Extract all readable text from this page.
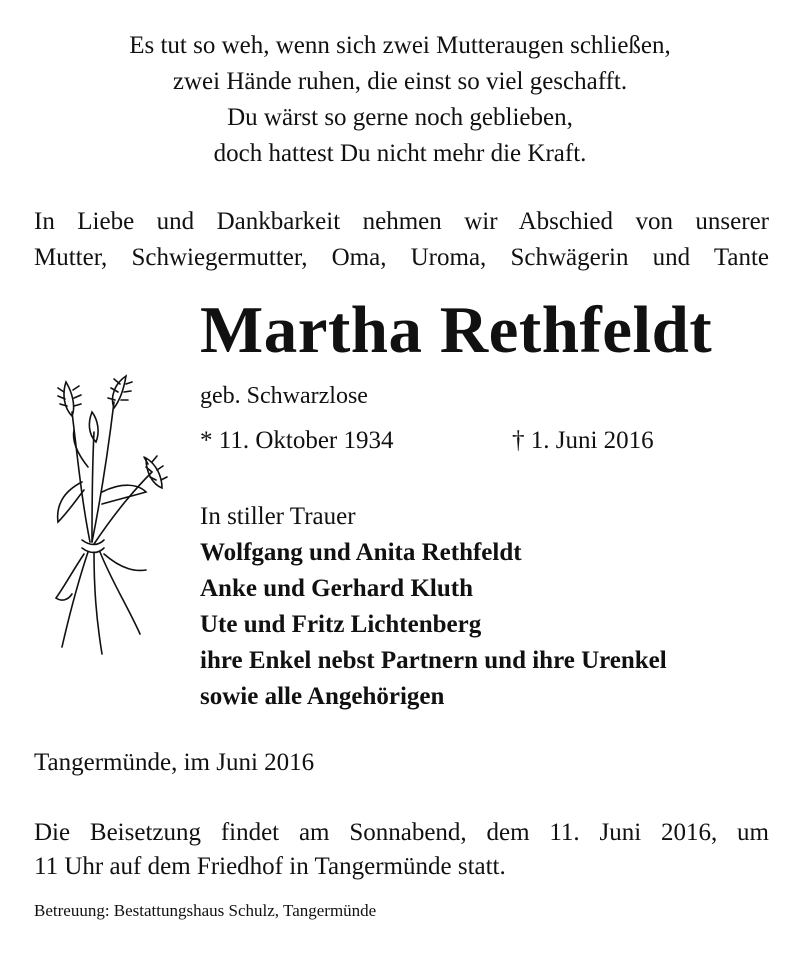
Es tut so weh, wenn sich zwei Mutteraugen schließen,
zwei Hände ruhen, die einst so viel geschafft.
Du wärst so gerne noch geblieben,
doch hattest Du nicht mehr die Kraft.
In Liebe und Dankbarkeit nehmen wir Abschied von unserer
Mutter, Schwiegermutter, Oma, Uroma, Schwägerin und Tante
Martha Rethfeldt
geb. Schwarzlose
* 11. Oktober 1934	† 1. Juni 2016
In stiller Trauer
Wolfgang und Anita Rethfeldt
Anke und Gerhard Kluth
Ute und Fritz Lichtenberg
ihre Enkel nebst Partnern und ihre Urenkel
sowie alle Angehörigen
Tangermünde, im Juni 2016
Die Beisetzung findet am Sonnabend, dem 11. Juni 2016, um
11 Uhr auf dem Friedhof in Tangermünde statt.
Betreuung: Bestattungshaus Schulz, Tangermünde
